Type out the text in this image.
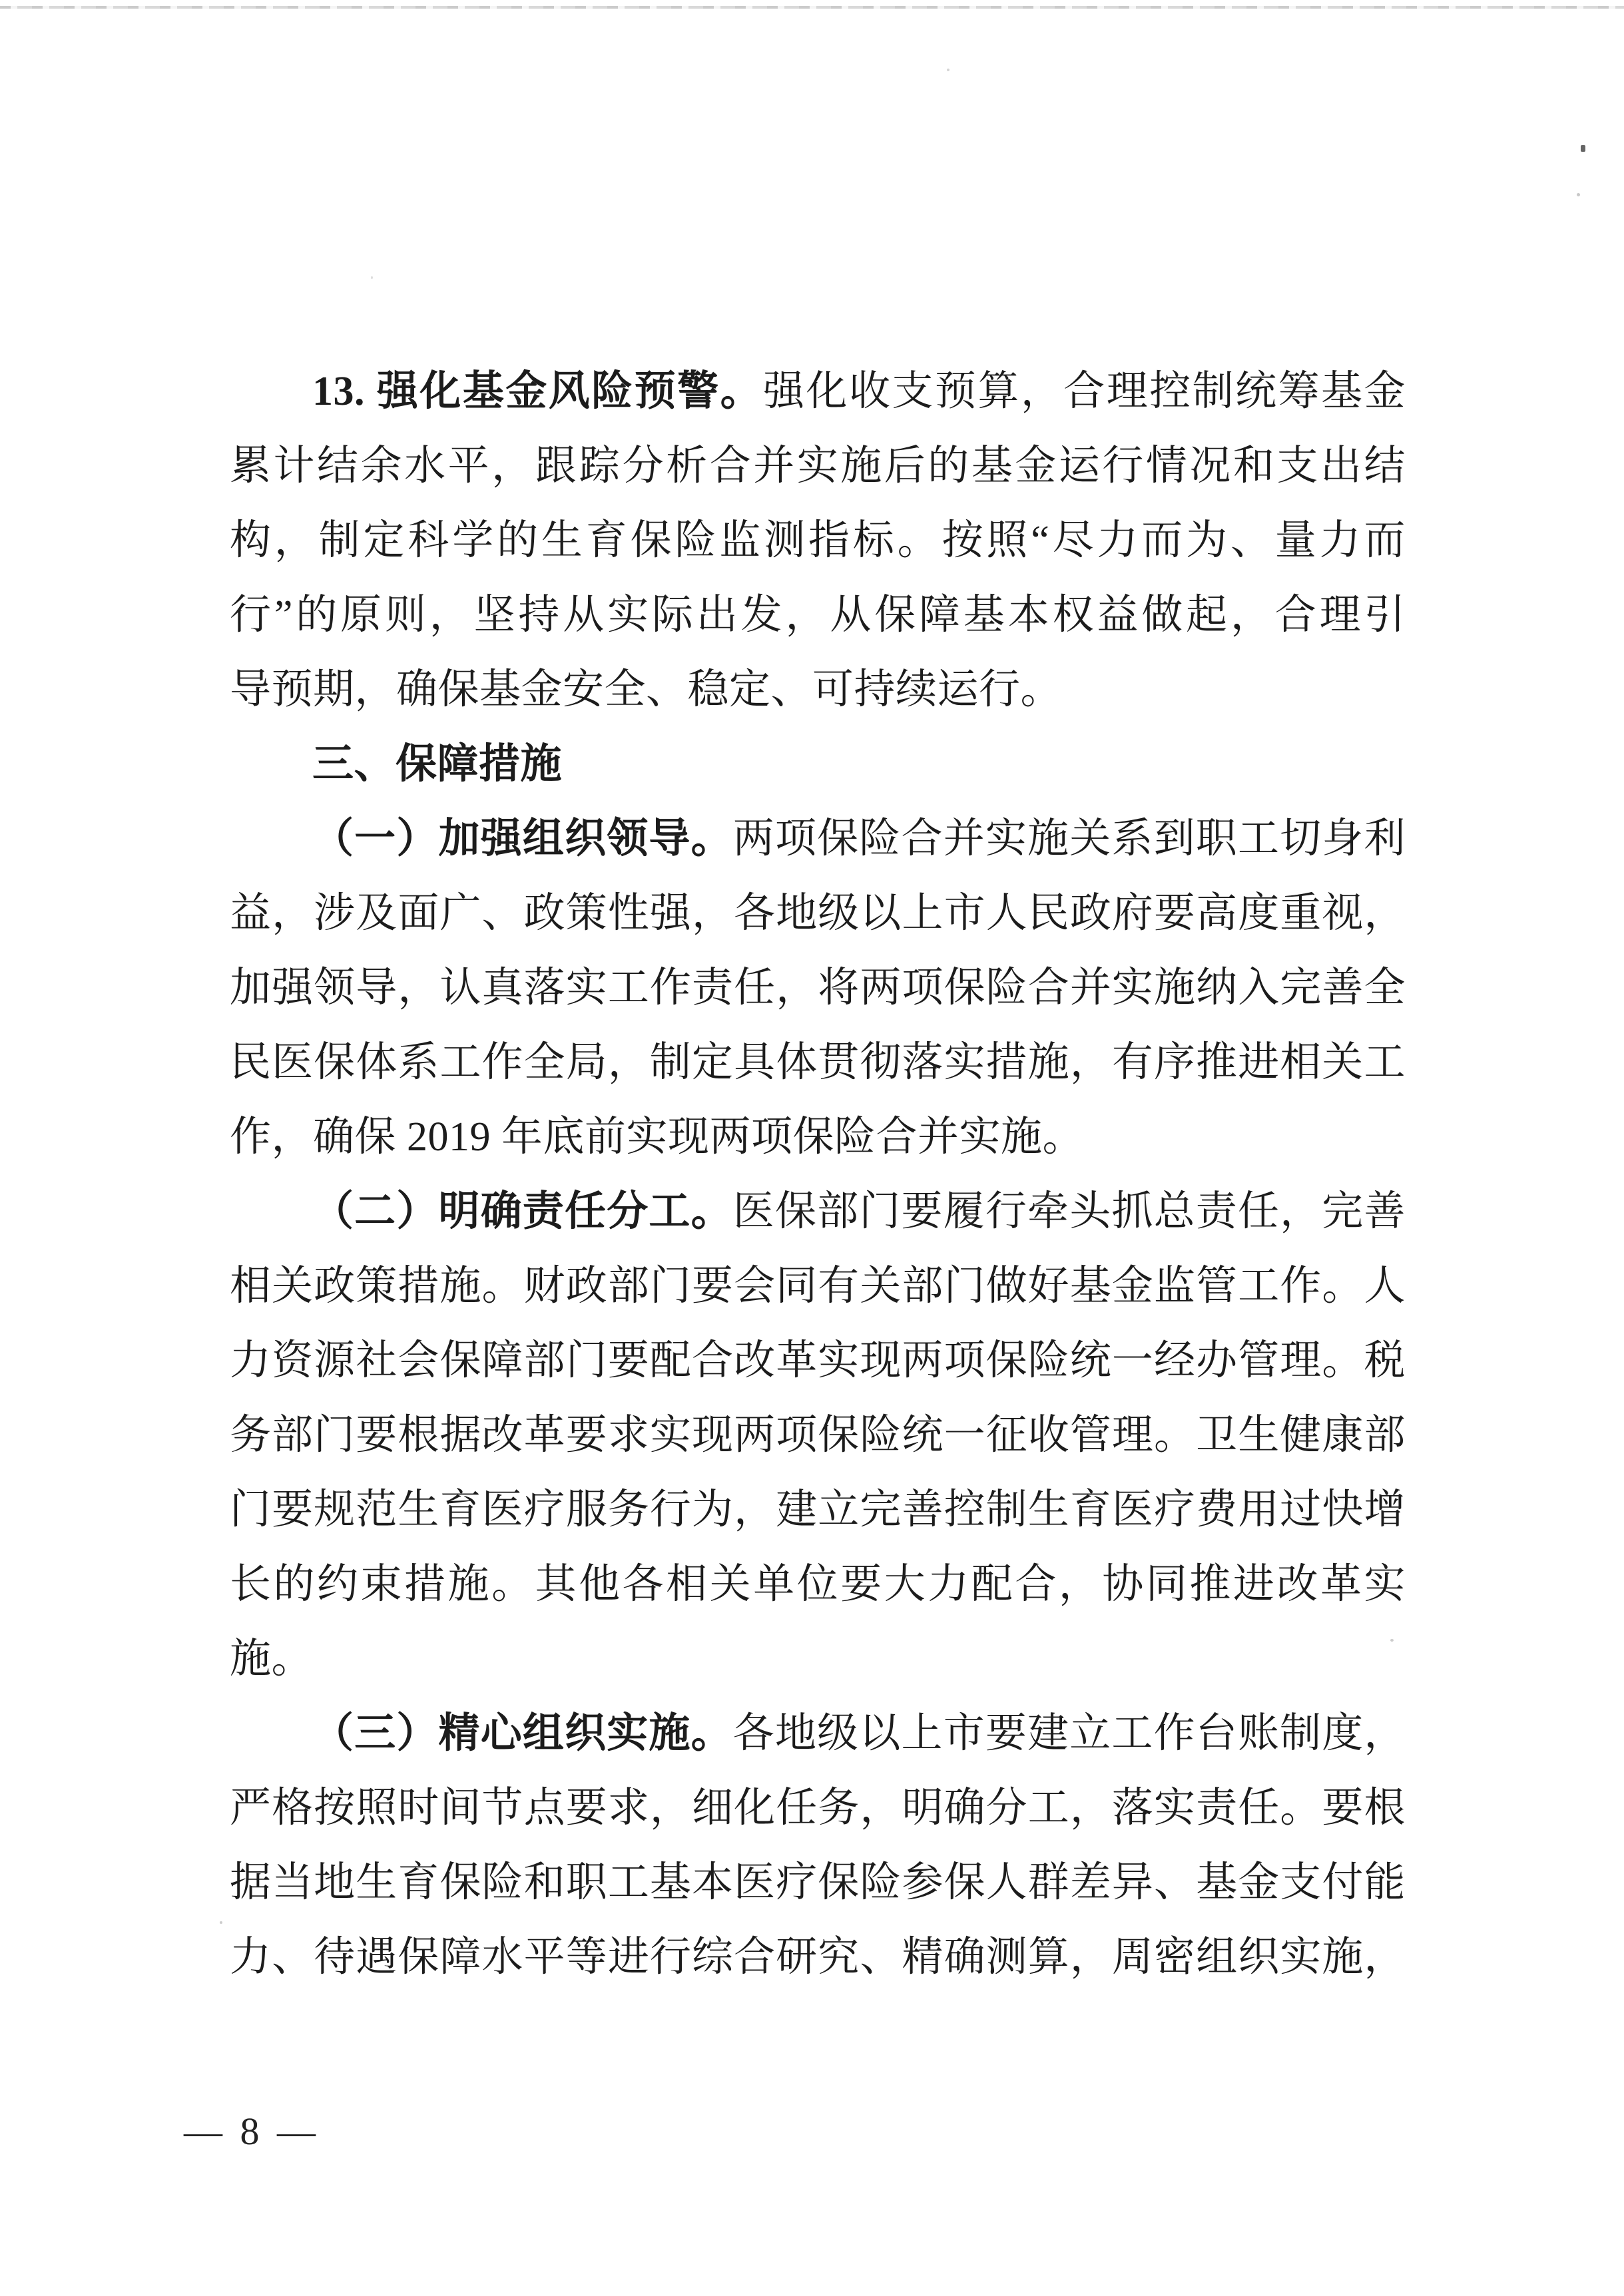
13. 强化基金风险预警。强化收支预算，合理控制统筹基金
累计结余水平，跟踪分析合并实施后的基金运行情况和支出结
构，制定科学的生育保险监测指标。按照“尽力而为、量力而
行”的原则，坚持从实际出发，从保障基本权益做起，合理引
导预期，确保基金安全、稳定、可持续运行。
三、保障措施
（一）加强组织领导。两项保险合并实施关系到职工切身利
益，涉及面广、政策性强，各地级以上市人民政府要高度重视，
加强领导，认真落实工作责任，将两项保险合并实施纳入完善全
民医保体系工作全局，制定具体贯彻落实措施，有序推进相关工
作，确保 2019 年底前实现两项保险合并实施。
（二）明确责任分工。医保部门要履行牵头抓总责任，完善
相关政策措施。财政部门要会同有关部门做好基金监管工作。人
力资源社会保障部门要配合改革实现两项保险统一经办管理。税
务部门要根据改革要求实现两项保险统一征收管理。卫生健康部
门要规范生育医疗服务行为，建立完善控制生育医疗费用过快增
长的约束措施。其他各相关单位要大力配合，协同推进改革实
施。
（三）精心组织实施。各地级以上市要建立工作台账制度，
严格按照时间节点要求，细化任务，明确分工，落实责任。要根
据当地生育保险和职工基本医疗保险参保人群差异、基金支付能
力、待遇保障水平等进行综合研究、精确测算，周密组织实施，
— 8 —
